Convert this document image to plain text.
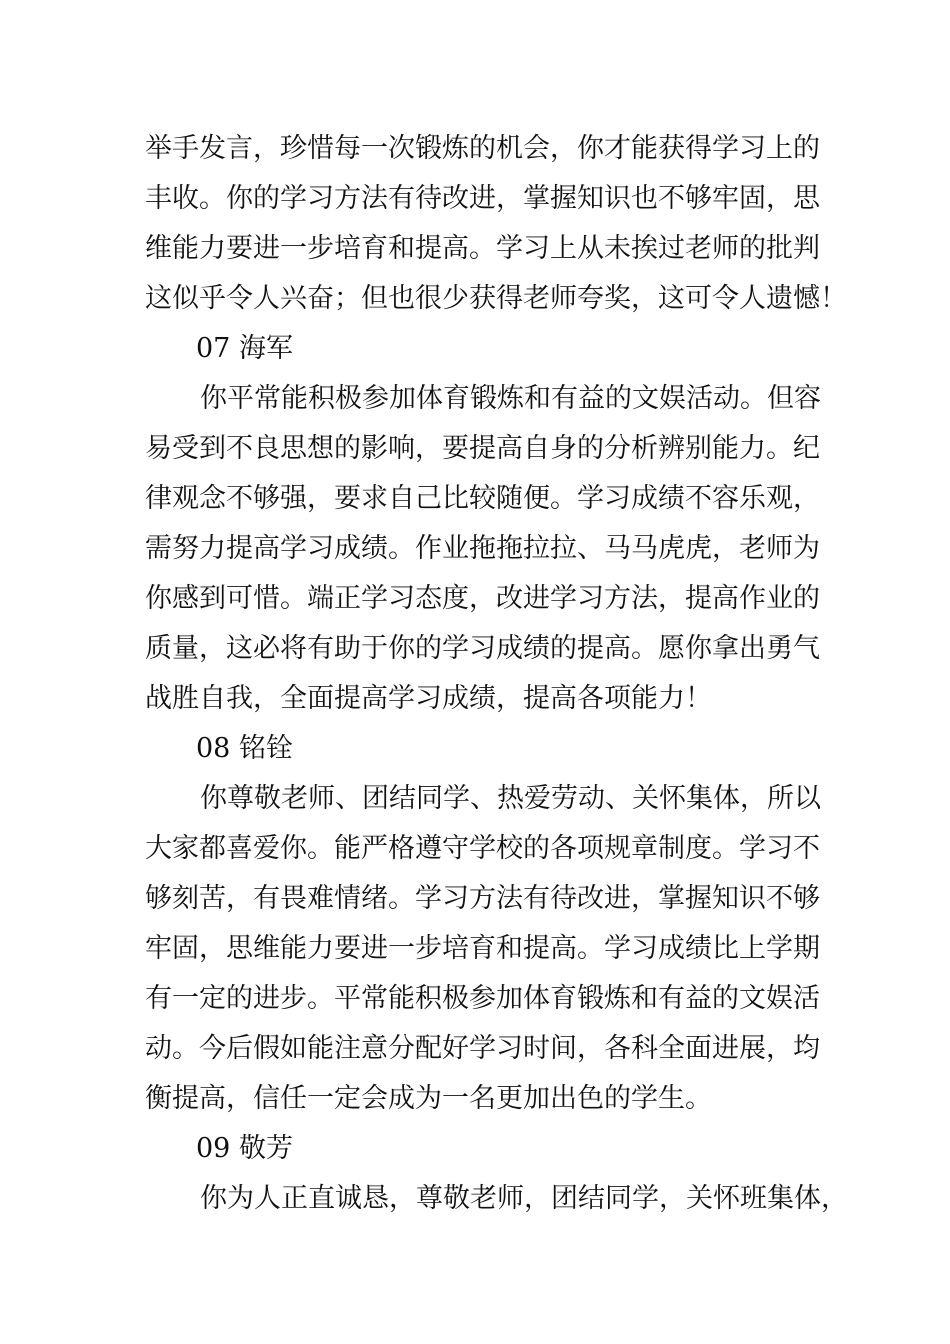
举手发言，珍惜每一次锻炼的机会，你才能获得学习上的
丰收。你的学习方法有待改进，掌握知识也不够牢固，思
维能力要进一步培育和提高。学习上从未挨过老师的批判
这似乎令人兴奋；但也很少获得老师夸奖，这可令人遗憾！
07 海军
你平常能积极参加体育锻炼和有益的文娱活动。但容
易受到不良思想的影响，要提高自身的分析辨别能力。纪
律观念不够强，要求自己比较随便。学习成绩不容乐观，
需努力提高学习成绩。作业拖拖拉拉、马马虎虎，老师为
你感到可惜。端正学习态度，改进学习方法，提高作业的
质量，这必将有助于你的学习成绩的提高。愿你拿出勇气
战胜自我，全面提高学习成绩，提高各项能力！
08 铭铨
你尊敬老师、团结同学、热爱劳动、关怀集体，所以
大家都喜爱你。能严格遵守学校的各项规章制度。学习不
够刻苦，有畏难情绪。学习方法有待改进，掌握知识不够
牢固，思维能力要进一步培育和提高。学习成绩比上学期
有一定的进步。平常能积极参加体育锻炼和有益的文娱活
动。今后假如能注意分配好学习时间，各科全面进展，均
衡提高，信任一定会成为一名更加出色的学生。
09 敬芳
你为人正直诚恳，尊敬老师，团结同学，关怀班集体，
